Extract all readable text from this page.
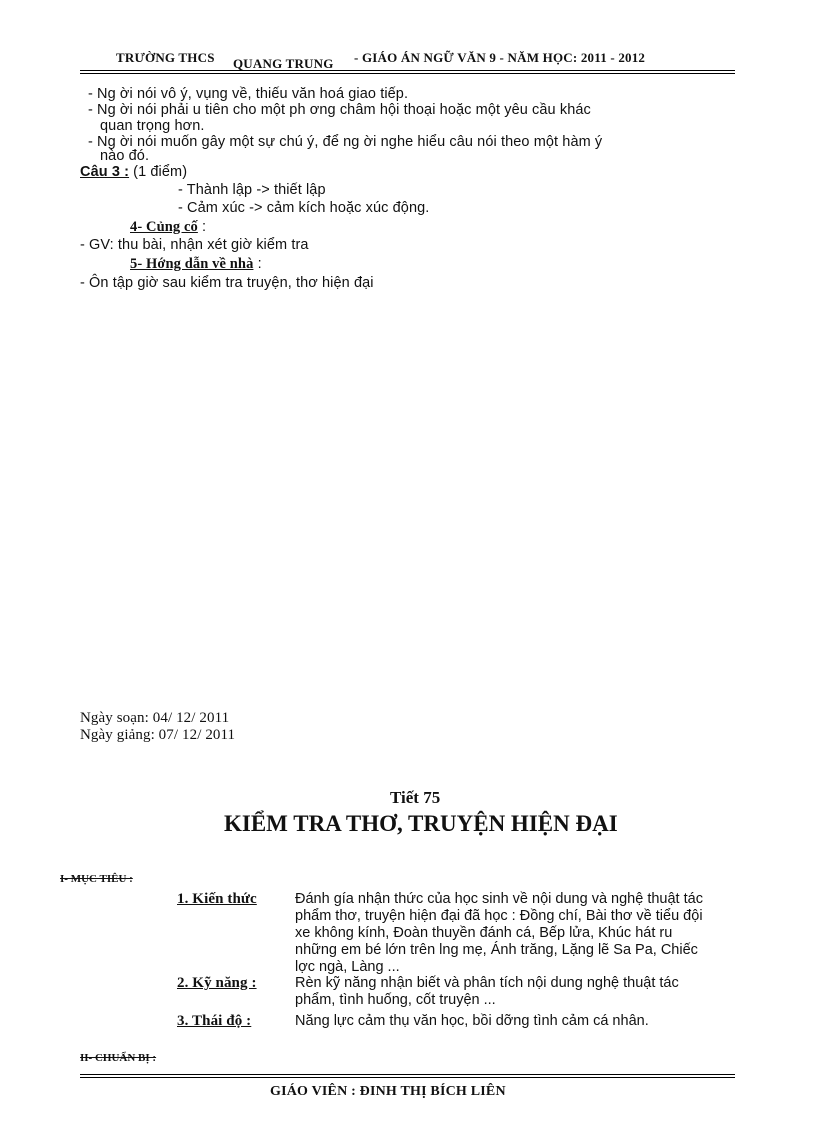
TRƯỜNG THCS QUANG TRUNG - GIÁO ÁN NGỮ VĂN 9 - NĂM HỌC: 2011 - 2012
- Ng ời nói vô ý, vụng về, thiếu văn hoá giao tiếp.
- Ng ời nói phải u tiên cho một ph ơng châm hội thoại hoặc một yêu cầu khác
quan trọng hơn.
- Ng ời nói muốn gây một sự chú ý, để ng ời nghe hiểu câu nói theo một hàm ý
nào đó.
Câu 3 : (1 điểm)
- Thành lập -> thiết lập
- Cảm xúc -> cảm kích hoặc xúc động.
4- Củng cố :
- GV: thu bài, nhận xét giờ kiểm tra
5- Hớng dẫn về nhà :
- Ôn tập giờ sau kiểm tra truyện, thơ hiện đại
Ngày soạn: 04/ 12/ 2011
Ngày giảng: 07/ 12/ 2011
Tiết 75
KIỂM TRA THƠ, TRUYỆN HIỆN ĐẠI
I- MỤC TIÊU :
1. Kiến thức	Đánh gía nhận thức của học sinh về nội dung và nghệ thuật tác
phẩm thơ, truyện hiện đại đã học : Đồng chí, Bài thơ về tiểu đội
xe không kính, Đoàn thuyền đánh cá, Bếp lửa, Khúc hát ru
những em bé lớn trên lng mẹ, Ánh trăng, Lặng lẽ Sa Pa, Chiếc
lợc ngà, Làng ...
2. Kỹ năng :	Rèn kỹ năng nhận biết và phân tích nội dung nghệ thuật tác
phẩm, tình huống, cốt truyện ...
3. Thái độ :	Năng lực cảm thụ văn học, bồi dỡng tình cảm cá nhân.
II- CHUẨN BỊ :
GIÁO VIÊN : ĐINH THỊ BÍCH LIÊN
